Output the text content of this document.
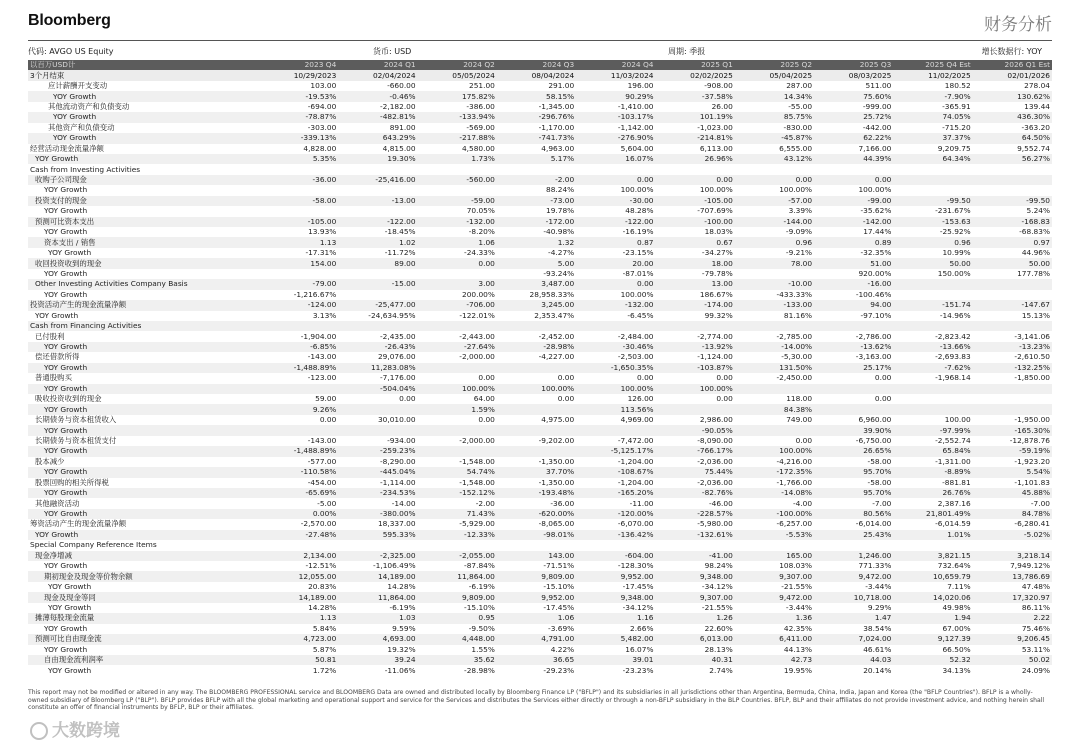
Bloomberg	财务分析
代码: AVGO US Equity	货币: USD	周期: 季报	增长数据行: YOY
以百万USD计	2023 Q4	2024 Q1	2024 Q2	2024 Q3	2024 Q4	2025 Q1	2025 Q2	2025 Q3	2025 Q4 Est	2026 Q1 Est
3个月结束	10/29/2023	02/04/2024	05/05/2024	08/04/2024	11/03/2024	02/02/2025	05/04/2025	08/03/2025	11/02/2025	02/01/2026
应计薪酬开支变动	103.00	-660.00	251.00	291.00	196.00	-908.00	287.00	511.00	180.52	278.04
YOY Growth	-19.53%	-0.46%	175.82%	58.15%	90.29%	-37.58%	14.34%	75.60%	-7.90%	130.62%
其他流动资产和负债变动	-694.00	-2,182.00	-386.00	-1,345.00	-1,410.00	26.00	-55.00	-999.00	-365.91	139.44
YOY Growth	-78.87%	-482.81%	-133.94%	-296.76%	-103.17%	101.19%	85.75%	25.72%	74.05%	436.30%
其他资产和负债变动	-303.00	891.00	-569.00	-1,170.00	-1,142.00	-1,023.00	-830.00	-442.00	-715.20	-363.20
YOY Growth	-339.13%	643.29%	-217.88%	-741.73%	-276.90%	-214.81%	-45.87%	62.22%	37.37%	64.50%
经营活动现金流量净额	4,828.00	4,815.00	4,580.00	4,963.00	5,604.00	6,113.00	6,555.00	7,166.00	9,209.75	9,552.74
YOY Growth	5.35%	19.30%	1.73%	5.17%	16.07%	26.96%	43.12%	44.39%	64.34%	56.27%
Cash from Investing Activities										
收购子公司现金	-36.00	-25,416.00	-560.00	-2.00	0.00	0.00	0.00	0.00		
YOY Growth				88.24%	100.00%	100.00%	100.00%	100.00%		
投资支付的现金	-58.00	-13.00	-59.00	-73.00	-30.00	-105.00	-57.00	-99.00	-99.50	-99.50
YOY Growth			70.05%	19.78%	48.28%	-707.69%	3.39%	-35.62%	-231.67%	5.24%
预测可比资本支出	-105.00	-122.00	-132.00	-172.00	-122.00	-100.00	-144.00	-142.00	-153.63	-168.83
YOY Growth	13.93%	-18.45%	-8.20%	-40.98%	-16.19%	18.03%	-9.09%	17.44%	-25.92%	-68.83%
资本支出 / 销售	1.13	1.02	1.06	1.32	0.87	0.67	0.96	0.89	0.96	0.97
YOY Growth	-17.31%	-11.72%	-24.33%	-4.27%	-23.15%	-34.27%	-9.21%	-32.35%	10.99%	44.96%
收回投资收到的现金	154.00	89.00	0.00	5.00	20.00	18.00	78.00	51.00	50.00	50.00
YOY Growth				-93.24%	-87.01%	-79.78%		920.00%	150.00%	177.78%
Other Investing Activities Company Basis	-79.00	-15.00	3.00	3,487.00	0.00	13.00	-10.00	-16.00		
YOY Growth	-1,216.67%		200.00%	28,958.33%	100.00%	186.67%	-433.33%	-100.46%		
投资活动产生的现金流量净额	-124.00	-25,477.00	-706.00	3,245.00	-132.00	-174.00	-133.00	94.00	-151.74	-147.67
YOY Growth	3.13%	-24,634.95%	-122.01%	2,353.47%	-6.45%	99.32%	81.16%	-97.10%	-14.96%	15.13%
Cash from Financing Activities										
已付股利	-1,904.00	-2,435.00	-2,443.00	-2,452.00	-2,484.00	-2,774.00	-2,785.00	-2,786.00	-2,823.42	-3,141.06
YOY Growth	-6.85%	-26.43%	-27.64%	-28.98%	-30.46%	-13.92%	-14.00%	-13.62%	-13.66%	-13.23%
偿还借款所得	-143.00	29,076.00	-2,000.00	-4,227.00	-2,503.00	-1,124.00	-5,30.00	-3,163.00	-2,693.83	-2,610.50
YOY Growth	-1,488.89%	11,283.08%			-1,650.35%	-103.87%	131.50%	25.17%	-7.62%	-132.25%
普通股购买	-123.00	-7,176.00	0.00	0.00	0.00	0.00	-2,450.00	0.00	-1,968.14	-1,850.00
YOY Growth		-504.04%	100.00%	100.00%	100.00%	100.00%				
吸收投资收到的现金	59.00	0.00	64.00	0.00	126.00	0.00	118.00	0.00		
YOY Growth	9.26%		1.59%		113.56%		84.38%			
长期债务与资本租赁收入	0.00	30,010.00	0.00	4,975.00	4,969.00	2,986.00	749.00	6,960.00	100.00	-1,950.00
YOY Growth						-90.05%		39.90%	-97.99%	-165.30%
长期债务与资本租赁支付	-143.00	-934.00	-2,000.00	-9,202.00	-7,472.00	-8,090.00	0.00	-6,750.00	-2,552.74	-12,878.76
YOY Growth	-1,488.89%	-259.23%			-5,125.17%	-766.17%	100.00%	26.65%	65.84%	-59.19%
股本减少	-577.00	-8,290.00	-1,548.00	-1,350.00	-1,204.00	-2,036.00	-4,216.00	-58.00	-1,311.00	-1,923.20
YOY Growth	-110.58%	-445.04%	54.74%	37.70%	-108.67%	75.44%	-172.35%	95.70%	-8.89%	5.54%
股票回购的相关所得税	-454.00	-1,114.00	-1,548.00	-1,350.00	-1,204.00	-2,036.00	-1,766.00	-58.00	-881.81	-1,101.83
YOY Growth	-65.69%	-234.53%	-152.12%	-193.48%	-165.20%	-82.76%	-14.08%	95.70%	26.76%	45.88%
其他融资活动	-5.00	-14.00	-2.00	-36.00	-11.00	-46.00	-4.00	-7.00	2,387.16	-7.00
YOY Growth	0.00%	-380.00%	71.43%	-620.00%	-120.00%	-228.57%	-100.00%	80.56%	21,801.49%	84.78%
筹资活动产生的现金流量净额	-2,570.00	18,337.00	-5,929.00	-8,065.00	-6,070.00	-5,980.00	-6,257.00	-6,014.00	-6,014.59	-6,280.41
YOY Growth	-27.48%	595.33%	-12.33%	-98.01%	-136.42%	-132.61%	-5.53%	25.43%	1.01%	-5.02%
Special Company Reference Items										
现金净增减	2,134.00	-2,325.00	-2,055.00	143.00	-604.00	-41.00	165.00	1,246.00	3,821.15	3,218.14
YOY Growth	-12.51%	-1,106.49%	-87.84%	-71.51%	-128.30%	98.24%	108.03%	771.33%	732.64%	7,949.12%
期初现金及现金等价物余额	12,055.00	14,189.00	11,864.00	9,809.00	9,952.00	9,348.00	9,307.00	9,472.00	10,659.79	13,786.69
YOY Growth	20.83%	14.28%	-6.19%	-15.10%	-17.45%	-34.12%	-21.55%	-3.44%	7.11%	47.48%
现金及现金等同	14,189.00	11,864.00	9,809.00	9,952.00	9,348.00	9,307.00	9,472.00	10,718.00	14,020.06	17,320.97
YOY Growth	14.28%	-6.19%	-15.10%	-17.45%	-34.12%	-21.55%	-3.44%	9.29%	49.98%	86.11%
摊薄每股现金流量	1.13	1.03	0.95	1.06	1.16	1.26	1.36	1.47	1.94	2.22
YOY Growth	5.84%	9.59%	-9.50%	-3.69%	2.66%	22.60%	42.35%	38.54%	67.00%	75.46%
预测可比自由现金流	4,723.00	4,693.00	4,448.00	4,791.00	5,482.00	6,013.00	6,411.00	7,024.00	9,127.39	9,206.45
YOY Growth	5.87%	19.32%	1.55%	4.22%	16.07%	28.13%	44.13%	46.61%	66.50%	53.11%
自由现金流利润率	50.81	39.24	35.62	36.65	39.01	40.31	42.73	44.03	52.32	50.02
YOY Growth	1.72%	-11.06%	-28.98%	-29.23%	-23.23%	2.74%	19.95%	20.14%	34.13%	24.09%
This report may not be modified or altered in any way. The BLOOMBERG PROFESSIONAL service and BLOOMBERG Data are owned and distributed locally by Bloomberg Finance LP ("BFLP") and its subsidiaries in all jurisdictions other than Argentina, Bermuda, China, India, Japan and Korea (the "BFLP Countries"). BFLP is a wholly-owned subsidiary of Bloomberg LP ("BLP"). BFLP provides BFLP with all the global marketing and operational support and service for the Services and distributes the Services either directly or through a non-BFLP subsidiary in the BLP Countries. BFLP, BLP and their affiliates do not provide investment advice, and nothing herein shall constitute an offer of financial instruments by BFLP, BLP or their affiliates.
大数跨境
